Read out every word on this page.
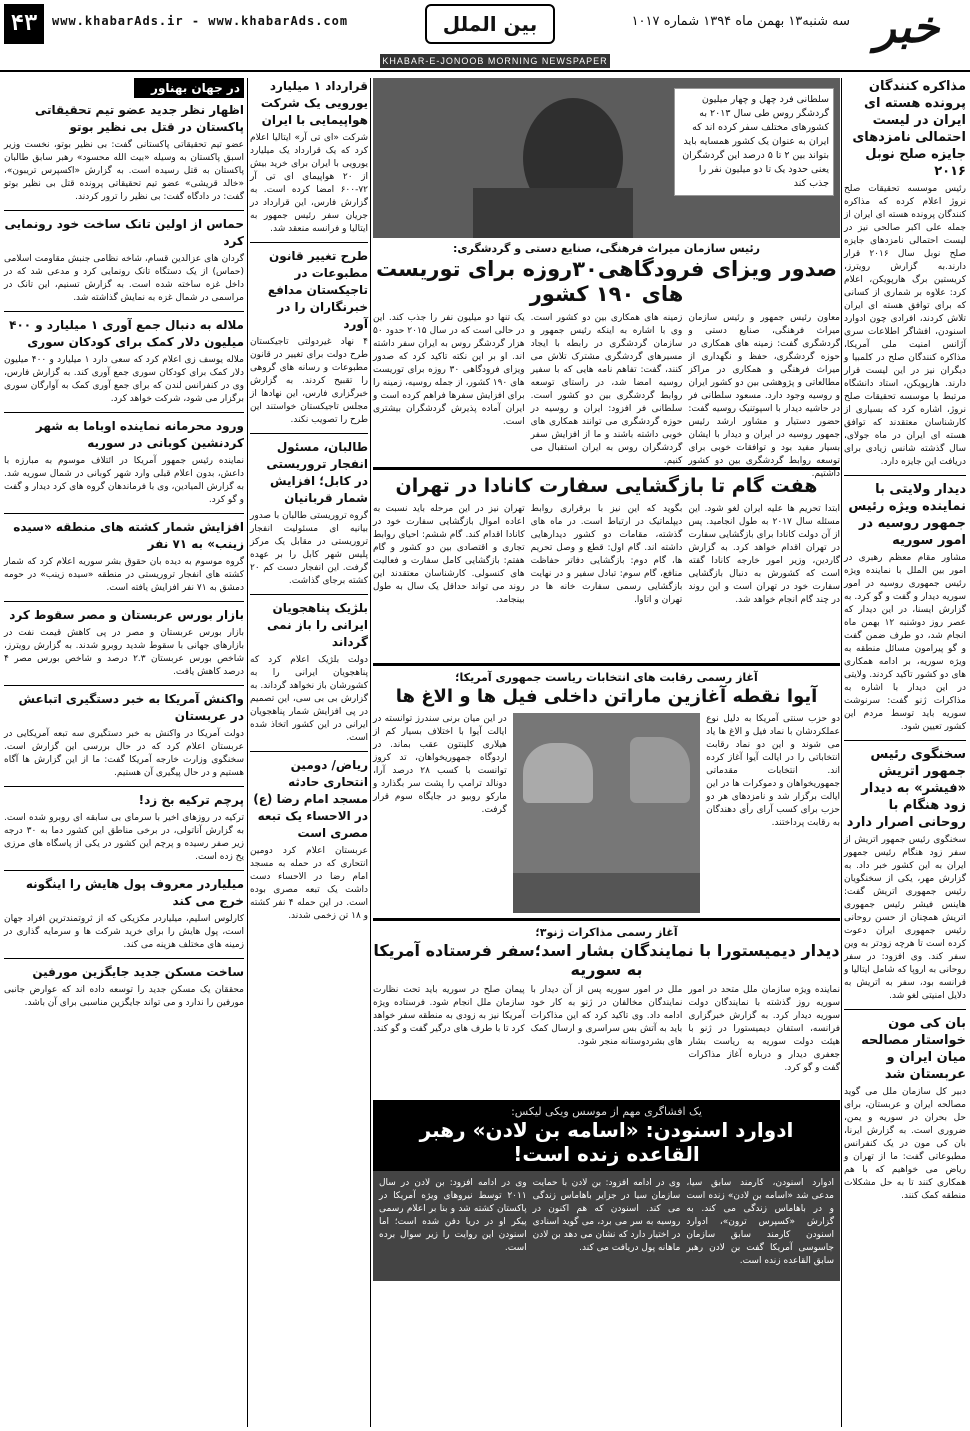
۴۳	www.khabarAds.ir - www.khabarAds.com	بین الملل	سه شنبه۱۳ بهمن ماه ۱۳۹۴ شماره ۱۰۱۷ خبر
KHABAR-E-JONOOB MORNING NEWSPAPER
مذاکره کنندگان پرونده هسته ای ایران در لیست احتمالی نامزدهای جایزه صلح نوبل ۲۰۱۶
رئیس موسسه تحقیقات صلح نروژ اعلام کرده که مذاکره کنندگان پرونده هسته ای ایران از جمله علی اکبر صالحی نیز در لیست احتمالی نامزدهای جایزه صلح نوبل سال ۲۰۱۶ قرار دارند.به گزارش رویترز، کریستین برگ هارپویکن، اعلام کرد: علاوه بر شماری از کسانی که برای توافق هسته ای ایران تلاش کردند، افرادی چون ادوارد اسنودن، افشاگر اطلاعات سری آژانس امنیت ملی آمریکا، مذاکره کنندگان صلح در کلمبیا و دیگران نیز در این لیست قرار دارند. هارپویکن، استاد دانشگاه مرتبط با موسسه تحقیقات صلح نروژ، اشاره کرد که بسیاری از کارشناسان معتقدند که توافق هسته ای ایران در ماه جولای، سال گذشته شانس زیادی برای دریافت این جایزه دارد.
دیدار ولایتی با نماینده ویژه رئیس جمهور روسیه در امور سوریه
مشاور مقام معظم رهبری در امور بین الملل با نماینده ویژه رئیس جمهوری روسیه در امور سوریه دیدار و گفت و گو کرد. به گزارش ایسنا، در این دیدار که عصر روز دوشنبه ۱۲ بهمن ماه انجام شد، دو طرف ضمن گفت و گو پیرامون مسائل منطقه به ویژه سوریه، بر ادامه همکاری های دو کشور تاکید کردند. ولایتی در این دیدار با اشاره به مذاکرات ژنو گفت: سرنوشت سوریه باید توسط مردم این کشور تعیین شود.
سخنگوی رئیس جمهور اتریش «فیشر» به دیدار زود هنگام با روحانی اصرار دارد
سخنگوی رئیس جمهور اتریش از سفر زود هنگام رئیس جمهور ایران به این کشور خبر داد. به گزارش مهر، یکی از سخنگویان رئیس جمهوری اتریش گفت: هاینس فیشر رئیس جمهوری اتریش همچنان از حسن روحانی رئیس جمهوری ایران دعوت کرده است تا هرچه زودتر به وین سفر کند. وی افزود: در سفر روحانی به اروپا که شامل ایتالیا و فرانسه بود، سفر به اتریش به دلایل امنیتی لغو شد.
بان کی مون خواستار مصالحه میان ایران و عربستان شد
دبیر کل سازمان ملل می گوید مصالحه ایران و عربستان، برای حل بحران در سوریه و یمن، ضروری است. به گزارش ایرنا، بان کی مون در یک کنفرانس مطبوعاتی گفت: ما از تهران و ریاض می خواهیم که با هم همکاری کنند تا به حل مشکلات منطقه کمک کنند.
سلطانی فرد چهل و چهار میلیون گردشگر روس طی سال ۲۰۱۳ به کشورهای مختلف سفر کرده اند که ایران به عنوان یک کشور همسایه باید بتواند بین ۲ تا ۵ درصد این گردشگران یعنی حدود یک تا دو میلیون نفر را جذب کند
رئیس سازمان میراث فرهنگی، صنایع دستی و گردشگری:
صدور ویزای فرودگاهی۳۰روزه برای توریست های ۱۹۰ کشور
معاون رئیس جمهور و رئیس سازمان میراث فرهنگی، صنایع دستی و گردشگری گفت: زمینه های همکاری در حوزه گردشگری، حفظ و نگهداری از میراث فرهنگی و همکاری در مراکز مطالعاتی و پژوهشی بین دو کشور ایران و روسیه وجود دارد. مسعود سلطانی فر در حاشیه دیدار با اسپوتنیک روسیه گفت: حضور دستیار و مشاور ارشد رئیس جمهور روسیه در ایران و دیدار با ایشان بسیار مفید بود و توافقات خوبی برای توسعه روابط گردشگری بین دو کشور داشتیم.
زمینه های همکاری بین دو کشور است. وی با اشاره به اینکه رئیس جمهور و سازمان گردشگری در رابطه با ایجاد مسیرهای گردشگری مشترک تلاش می کنند، گفت: تفاهم نامه هایی که با سفیر روسیه امضا شد، در راستای توسعه روابط گردشگری بین دو کشور است. سلطانی فر افزود: ایران و روسیه در حوزه گردشگری می توانند همکاری های خوبی داشته باشند و ما از افزایش سفر گردشگران روس به ایران استقبال می کنیم.
یک تنها دو میلیون نفر را جذب کند. این در حالی است که در سال ۲۰۱۵ حدود ۵۰ هزار گردشگر روس به ایران سفر داشته اند. او بر این نکته تاکید کرد که صدور ویزای فرودگاهی ۳۰ روزه برای توریست های ۱۹۰ کشور، از جمله روسیه، زمینه را برای افزایش سفرها فراهم کرده است و ایران آماده پذیرش گردشگران بیشتری است.
هفت گام تا بازگشایی سفارت کانادا در تهران
ابتدا تحریم ها علیه ایران لغو شود. این مسئله سال ۲۰۱۷ به طول انجامید. پس از آن دولت کانادا برای بازگشایی سفارت در تهران اقدام خواهد کرد. به گزارش گاردین، وزیر امور خارجه کانادا گفته است که کشورش به دنبال بازگشایی سفارت خود در تهران است و این روند در چند گام انجام خواهد شد.
بگوید که این نیز با برقراری روابط دیپلماتیک در ارتباط است. در ماه های گذشته، مقامات دو کشور دیدارهایی داشته اند. گام اول: قطع و وصل تحریم ها، گام دوم: بازگشایی دفاتر حفاظت منافع، گام سوم: تبادل سفیر و در نهایت بازگشایی رسمی سفارت خانه ها در تهران و اتاوا.
تهران نیز در این مرحله باید نسبت به اعاده اموال بازگشایی سفارت خود در کانادا اقدام کند. گام ششم: احیای روابط تجاری و اقتصادی بین دو کشور و گام هفتم: بازگشایی کامل سفارت و فعالیت های کنسولی. کارشناسان معتقدند این روند می تواند حداقل یک سال به طول بینجامد.
آغاز رسمی رقابت های انتخابات ریاست جمهوری آمریکا؛
آیوا نقطه آغازین ماراتن داخلی فیل ها و الاغ ها
دو حزب سنتی آمریکا به دلیل نوع عملکردشان با نماد فیل و الاغ ها یاد می شوند و این دو نماد رقابت انتخاباتی را در ایالت آیوا آغاز کرده اند. انتخابات مقدماتی جمهوریخواهان و دموکرات ها در این ایالت برگزار شد و نامزدهای هر دو حزب برای کسب آرای رأی دهندگان به رقابت پرداختند.
در این میان برنی سندرز توانسته در ایالت آیوا با اختلاف بسیار کم از هیلاری کلینتون عقب بماند. در اردوگاه جمهوریخواهان، تد کروز توانست با کسب ۲۸ درصد آرا، دونالد ترامپ را پشت سر بگذارد و مارکو روبیو در جایگاه سوم قرار گرفت.
آغاز رسمی مذاکرات ژنو۳؛
دیدار دیمیستورا با نمایندگان بشار اسد؛سفر فرستاده آمریکا به سوریه
نماینده ویژه سازمان ملل متحد در امور سوریه روز گذشته با نمایندگان دولت سوریه دیدار کرد. به گزارش خبرگزاری فرانسه، استفان دیمیستورا در ژنو با هیئت دولت سوریه به ریاست بشار جعفری دیدار و درباره آغاز مذاکرات گفت و گو کرد.
ملل در امور سوریه پس از آن دیدار با نمایندگان مخالفان در ژنو به کار خود ادامه داد. وی تاکید کرد که این مذاکرات باید به آتش بس سراسری و ارسال کمک های بشردوستانه منجر شود.
پیمان صلح در سوریه باید تحت نظارت سازمان ملل انجام شود. فرستاده ویژه آمریکا نیز به زودی به منطقه سفر خواهد کرد تا با طرف های درگیر گفت و گو کند.
یک افشاگری مهم از موسس ویکی لیکس:
ادوارد اسنودن: «اسامه بن لادن» رهبر القاعده زنده است!
ادوارد اسنودن، کارمند سابق سیا، مدعی شد «اسامه بن لادن» زنده است و در باهاماس زندگی می کند. به گزارش «کسپرس ترون»، ادوارد اسنودن کارمند سابق سازمان جاسوسی آمریکا گفت بن لادن رهبر سابق القاعده زنده است.
وی در ادامه افزود: بن لادن با حمایت سازمان سیا در جزایر باهاماس زندگی می کند. اسنودن که هم اکنون در روسیه به سر می برد، می گوید اسنادی در اختیار دارد که نشان می دهد بن لادن ماهانه پول دریافت می کند.
وی در ادامه افزود: بن لادن در سال ۲۰۱۱ توسط نیروهای ویژه آمریکا در پاکستان کشته شد و بنا بر اعلام رسمی پیکر او در دریا دفن شده است؛ اما اسنودن این روایت را زیر سوال برده است.
قرارداد ۱ میلیارد یورویی یک شرکت هواپیمایی با ایران
شرکت «ای تی آر» ایتالیا اعلام کرد که یک قرارداد یک میلیارد یورویی با ایران برای خرید بیش از ۲۰ هواپیمای ای تی آر ۷۲-۶۰۰ امضا کرده است. به گزارش فارس، این قرارداد در جریان سفر رئیس جمهور به ایتالیا و فرانسه منعقد شد.
طرح تغییر قانون مطبوعات در تاجیکستان مدافع خبرنگاران را در آورد
۴ نهاد غیردولتی تاجیکستان طرح دولت برای تغییر در قانون مطبوعات و رسانه های گروهی را تقبیح کردند. به گزارش خبرگزاری فارس، این نهادها از مجلس تاجیکستان خواستند این طرح را تصویب نکند.
طالبان، مسئول انفجار تروریستی در کابل؛ افزایش شمار قربانیان
گروه تروریستی طالبان با صدور بیانیه ای مسئولیت انفجار تروریستی در مقابل یک مرکز پلیس شهر کابل را بر عهده گرفت. این انفجار دست کم ۲۰ کشته برجای گذاشت.
بلژیک پناهجویان ایرانی را باز نمی گرداند
دولت بلژیک اعلام کرد که پناهجویان ایرانی را به کشورشان باز نخواهد گرداند. به گزارش بی بی سی، این تصمیم در پی افزایش شمار پناهجویان ایرانی در این کشور اتخاذ شده است.
ریاض/ دومین انتحاری حادثه مسجد امام رضا (ع) در الاحساء یک تبعه مصری است
عربستان اعلام کرد دومین انتحاری که در حمله به مسجد امام رضا در الاحساء دست داشت یک تبعه مصری بوده است. در این حمله ۴ نفر کشته و ۱۸ تن زخمی شدند.
در جهان بهناور
اظهار نظر جدید عضو تیم تحقیقاتی پاکستان در قتل بی نظیر بوتو
عضو تیم تحقیقاتی پاکستانی گفت: بی نظیر بوتو، نخست وزیر اسبق پاکستان به وسیله «بیت الله محسود» رهبر سابق طالبان پاکستان به قتل رسیده است. به گزارش «اکسپرس تریبون»، «خالد قریشی» عضو تیم تحقیقاتی پرونده قتل بی نظیر بوتو گفت: در دادگاه گفت: بی نظیر را ترور کردند.
حماس از اولین تانک ساخت خود رونمایی کرد
گردان های عزالدین قسام، شاخه نظامی جنبش مقاومت اسلامی (حماس) از یک دستگاه تانک رونمایی کرد و مدعی شد که در داخل غزه ساخته شده است. به گزارش تسنیم، این تانک در مراسمی در شمال غزه به نمایش گذاشته شد.
ملاله به دنبال جمع آوری ۱ میلیارد و ۴۰۰ میلیون دلار کمک برای کودکان سوری
ملاله یوسف زی اعلام کرد که سعی دارد ۱ میلیارد و ۴۰۰ میلیون دلار کمک برای کودکان سوری جمع آوری کند. به گزارش فارس، وی در کنفرانس لندن که برای جمع آوری کمک به آوارگان سوری برگزار می شود، شرکت خواهد کرد.
ورود محرمانه نماینده اوباما به شهر کردنشین کوبانی در سوریه
نماینده رئیس جمهور آمریکا در ائتلاف موسوم به مبارزه با داعش، بدون اعلام قبلی وارد شهر کوبانی در شمال سوریه شد. به گزارش المیادین، وی با فرماندهان گروه های کرد دیدار و گفت و گو کرد.
افزایش شمار کشته های منطقه «سیده زینب» به ۷۱ نفر
گروه موسوم به دیده بان حقوق بشر سوریه اعلام کرد که شمار کشته های انفجار تروریستی در منطقه «سیده زینب» در حومه دمشق به ۷۱ نفر افزایش یافته است.
بازار بورس عربستان و مصر سقوط کرد
بازار بورس عربستان و مصر در پی کاهش قیمت نفت در بازارهای جهانی با سقوط شدید روبرو شدند. به گزارش رویترز، شاخص بورس عربستان ۲.۳ درصد و شاخص بورس مصر ۴ درصد کاهش یافت.
واکنش آمریکا به خبر دستگیری اتباعش در عربستان
دولت آمریکا در واکنش به خبر دستگیری سه تبعه آمریکایی در عربستان اعلام کرد که در حال بررسی این گزارش است. سخنگوی وزارت خارجه آمریکا گفت: ما از این گزارش ها آگاه هستیم و در حال پیگیری آن هستیم.
پرچم ترکیه بخ زد!
ترکیه در روزهای اخیر با سرمای بی سابقه ای روبرو شده است. به گزارش آناتولی، در برخی مناطق این کشور دما به ۳۰ درجه زیر صفر رسیده و پرچم این کشور در یکی از پاسگاه های مرزی یخ زده است.
میلیاردر معروف پول هایش را اینگونه خرج می کند
کارلوس اسلیم، میلیاردر مکزیکی که از ثروتمندترین افراد جهان است، پول هایش را برای خرید شرکت ها و سرمایه گذاری در زمینه های مختلف هزینه می کند.
ساخت مسکن جدید جایگزین مورفین
محققان یک مسکن جدید را توسعه داده اند که عوارض جانبی مورفین را ندارد و می تواند جایگزین مناسبی برای آن باشد.
